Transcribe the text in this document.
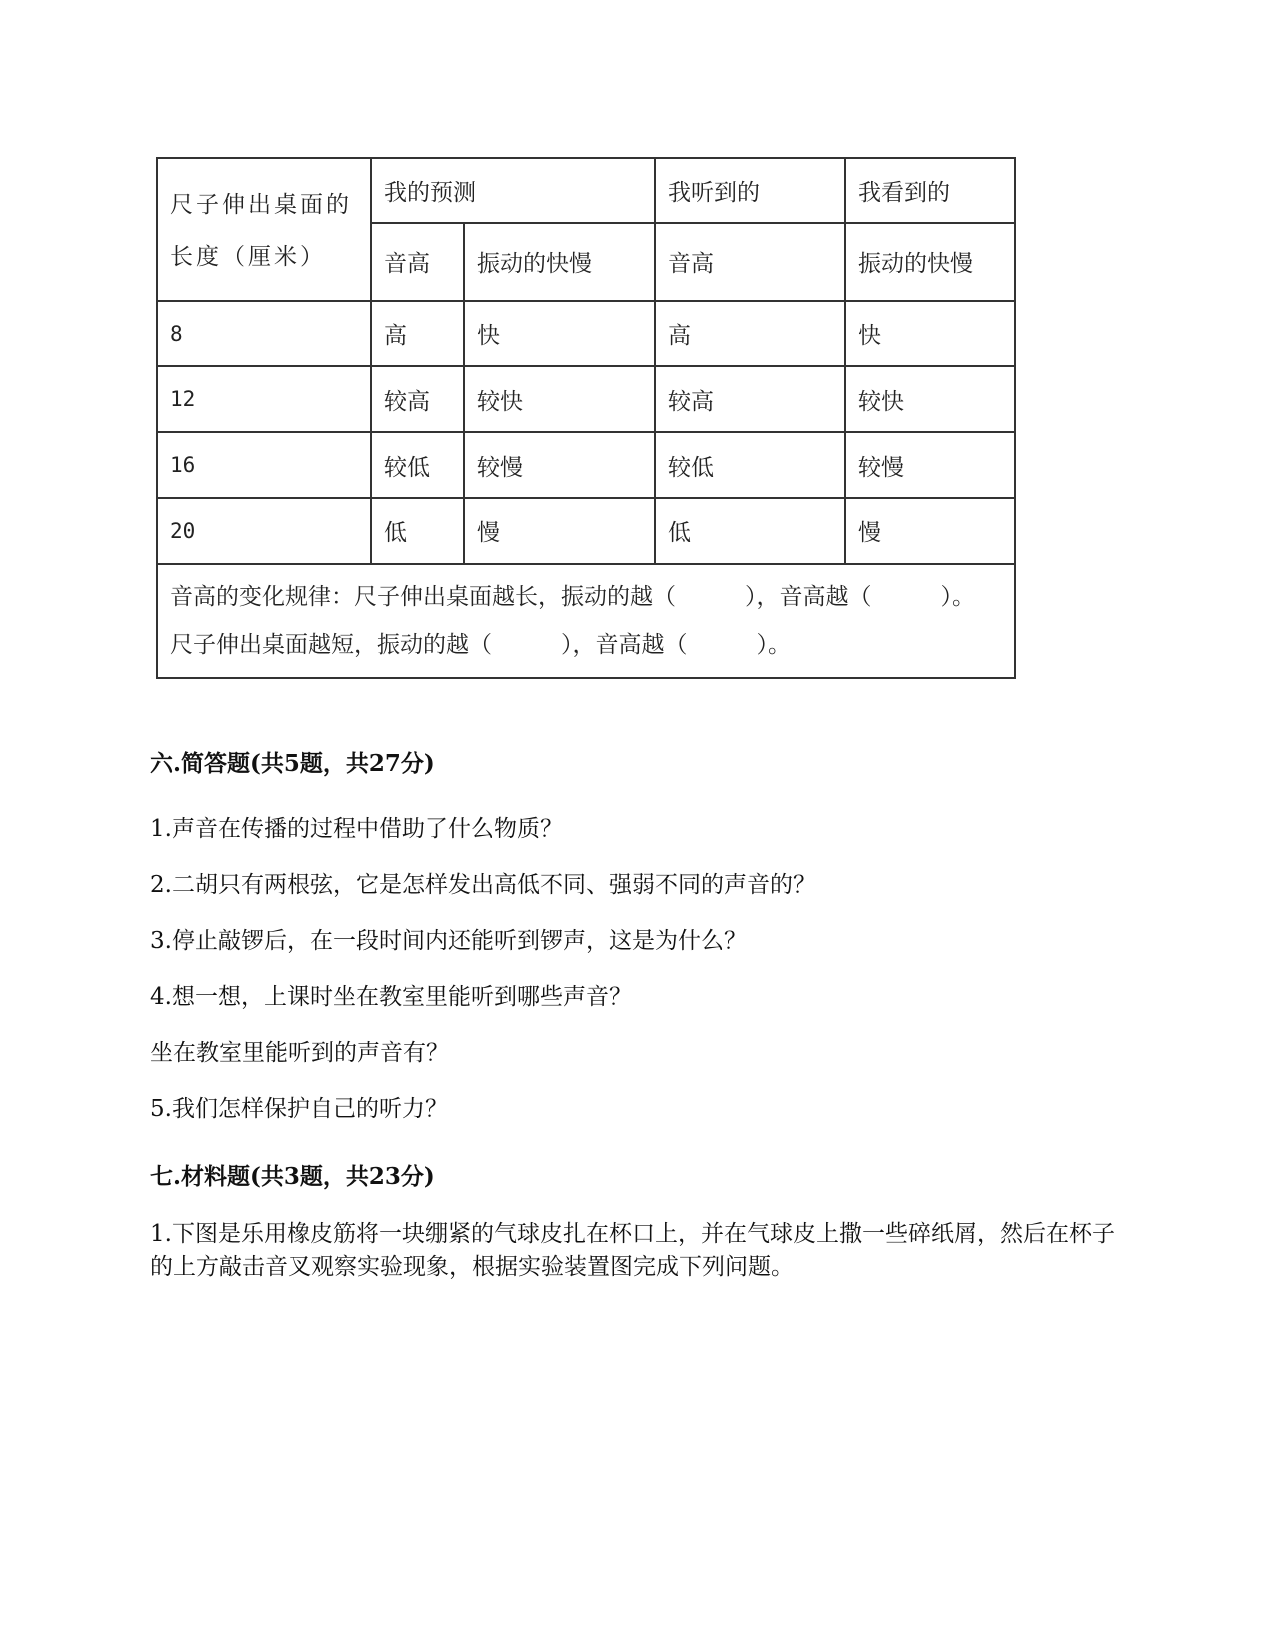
尺子伸出桌面的长度（厘米）	我的预测		我听到的	我看到的
	音高	振动的快慢	音高	振动的快慢
8	高	快	高	快
12	较高	较快	较高	较快
16	较低	较慢	较低	较慢
20	低	慢	低	慢

音高的变化规律：尺子伸出桌面越长，振动的越（　　　），音高越（　　　）。
尺子伸出桌面越短，振动的越（　　　），音高越（　　　）。				
六.简答题(共5题，共27分)
1.声音在传播的过程中借助了什么物质？
2.二胡只有两根弦，它是怎样发出高低不同、强弱不同的声音的？
3.停止敲锣后，在一段时间内还能听到锣声，这是为什么？
4.想一想，上课时坐在教室里能听到哪些声音？
坐在教室里能听到的声音有？
5.我们怎样保护自己的听力？
七.材料题(共3题，共23分)
1.下图是乐用橡皮筋将一块绷紧的气球皮扎在杯口上，并在气球皮上撒一些碎纸屑，然后在杯子的上方敲击音叉观察实验现象，根据实验装置图完成下列问题。
